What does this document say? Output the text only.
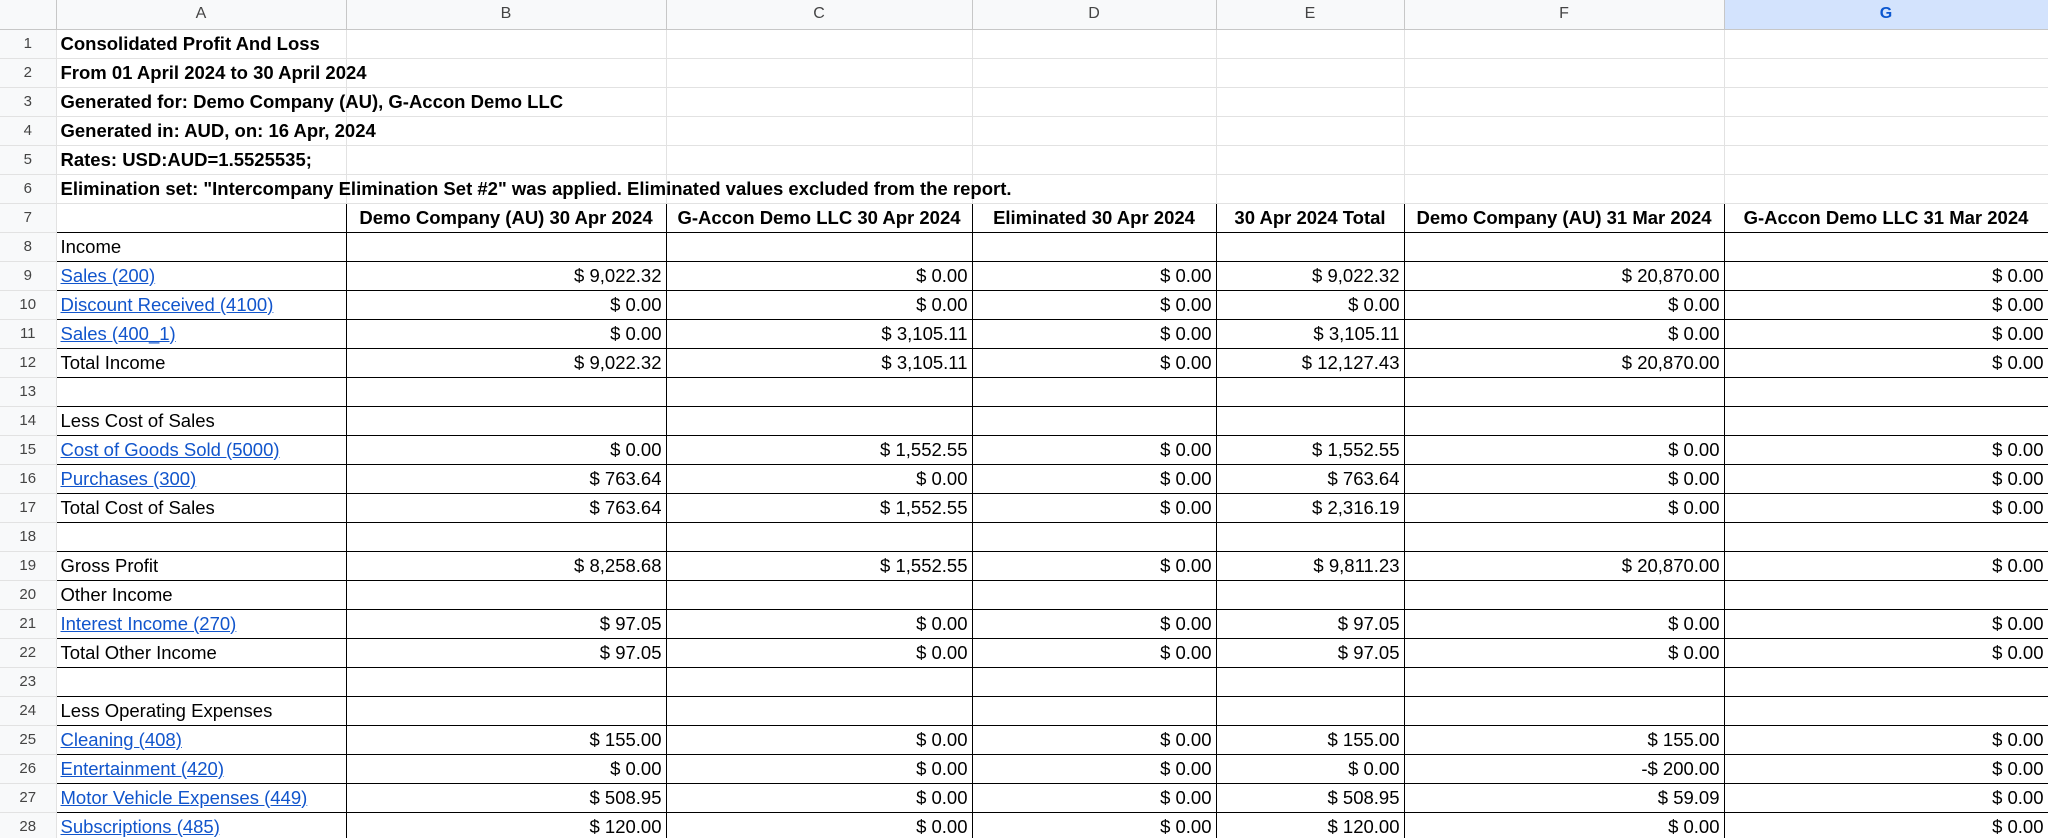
	A	B	C	D	E	F	G	
1	Consolidated Profit And Loss							
2	From 01 April 2024 to 30 April 2024							
3	Generated for: Demo Company (AU), G-Accon Demo LLC							
4	Generated in: AUD, on: 16 Apr, 2024							
5	Rates: USD:AUD=1.5525535;							
6	Elimination set: "Intercompany Elimination Set #2" was applied. Eliminated values excluded from the report.							
7		Demo Company (AU) 30 Apr 2024	G-Accon Demo LLC 30 Apr 2024	Eliminated 30 Apr 2024	30 Apr 2024 Total	Demo Company (AU) 31 Mar 2024	G-Accon Demo LLC 31 Mar 2024	
8	Income							
9	Sales (200)	$ 9,022.32	$ 0.00	$ 0.00	$ 9,022.32	$ 20,870.00	$ 0.00	
10	Discount Received (4100)	$ 0.00	$ 0.00	$ 0.00	$ 0.00	$ 0.00	$ 0.00	
11	Sales (400_1)	$ 0.00	$ 3,105.11	$ 0.00	$ 3,105.11	$ 0.00	$ 0.00	
12	Total Income	$ 9,022.32	$ 3,105.11	$ 0.00	$ 12,127.43	$ 20,870.00	$ 0.00	
13								
14	Less Cost of Sales							
15	Cost of Goods Sold (5000)	$ 0.00	$ 1,552.55	$ 0.00	$ 1,552.55	$ 0.00	$ 0.00	
16	Purchases (300)	$ 763.64	$ 0.00	$ 0.00	$ 763.64	$ 0.00	$ 0.00	
17	Total Cost of Sales	$ 763.64	$ 1,552.55	$ 0.00	$ 2,316.19	$ 0.00	$ 0.00	
18								
19	Gross Profit	$ 8,258.68	$ 1,552.55	$ 0.00	$ 9,811.23	$ 20,870.00	$ 0.00	
20	Other Income							
21	Interest Income (270)	$ 97.05	$ 0.00	$ 0.00	$ 97.05	$ 0.00	$ 0.00	
22	Total Other Income	$ 97.05	$ 0.00	$ 0.00	$ 97.05	$ 0.00	$ 0.00	
23								
24	Less Operating Expenses							
25	Cleaning (408)	$ 155.00	$ 0.00	$ 0.00	$ 155.00	$ 155.00	$ 0.00	
26	Entertainment (420)	$ 0.00	$ 0.00	$ 0.00	$ 0.00	-$ 200.00	$ 0.00	
27	Motor Vehicle Expenses (449)	$ 508.95	$ 0.00	$ 0.00	$ 508.95	$ 59.09	$ 0.00	
28	Subscriptions (485)	$ 120.00	$ 0.00	$ 0.00	$ 120.00	$ 0.00	$ 0.00	
